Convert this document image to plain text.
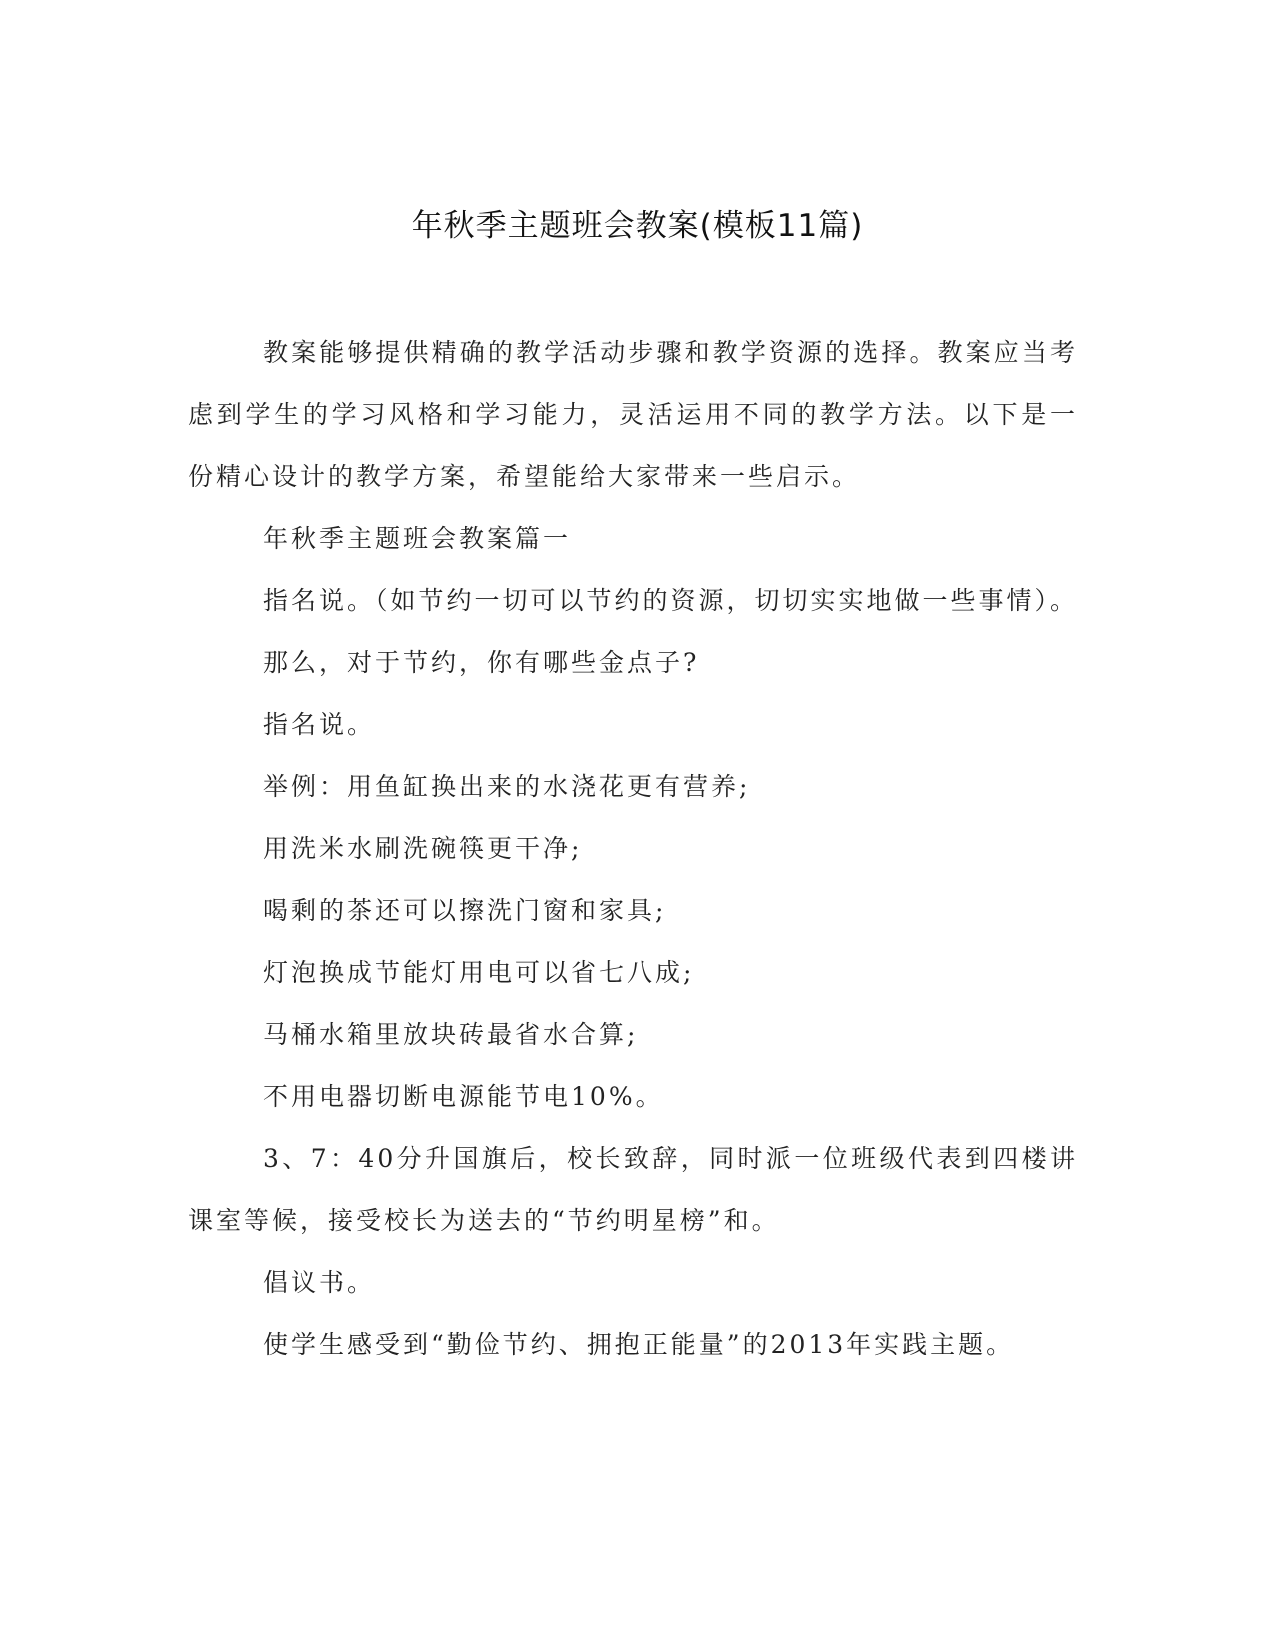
年秋季主题班会教案(模板11篇)

教案能够提供精确的教学活动步骤和教学资源的选择。教案应当考虑到学生的学习风格和学习能力，灵活运用不同的教学方法。以下是一份精心设计的教学方案，希望能给大家带来一些启示。

年秋季主题班会教案篇一

指名说。（如节约一切可以节约的资源，切切实实地做一些事情）。

那么，对于节约，你有哪些金点子?

指名说。

举例：用鱼缸换出来的水浇花更有营养;

用洗米水刷洗碗筷更干净;

喝剩的茶还可以擦洗门窗和家具;

灯泡换成节能灯用电可以省七八成;

马桶水箱里放块砖最省水合算;

不用电器切断电源能节电10%。

3、7：40分升国旗后，校长致辞，同时派一位班级代表到四楼讲课室等候，接受校长为送去的“节约明星榜”和。

倡议书。

使学生感受到“勤俭节约、拥抱正能量”的2013年实践主题。
